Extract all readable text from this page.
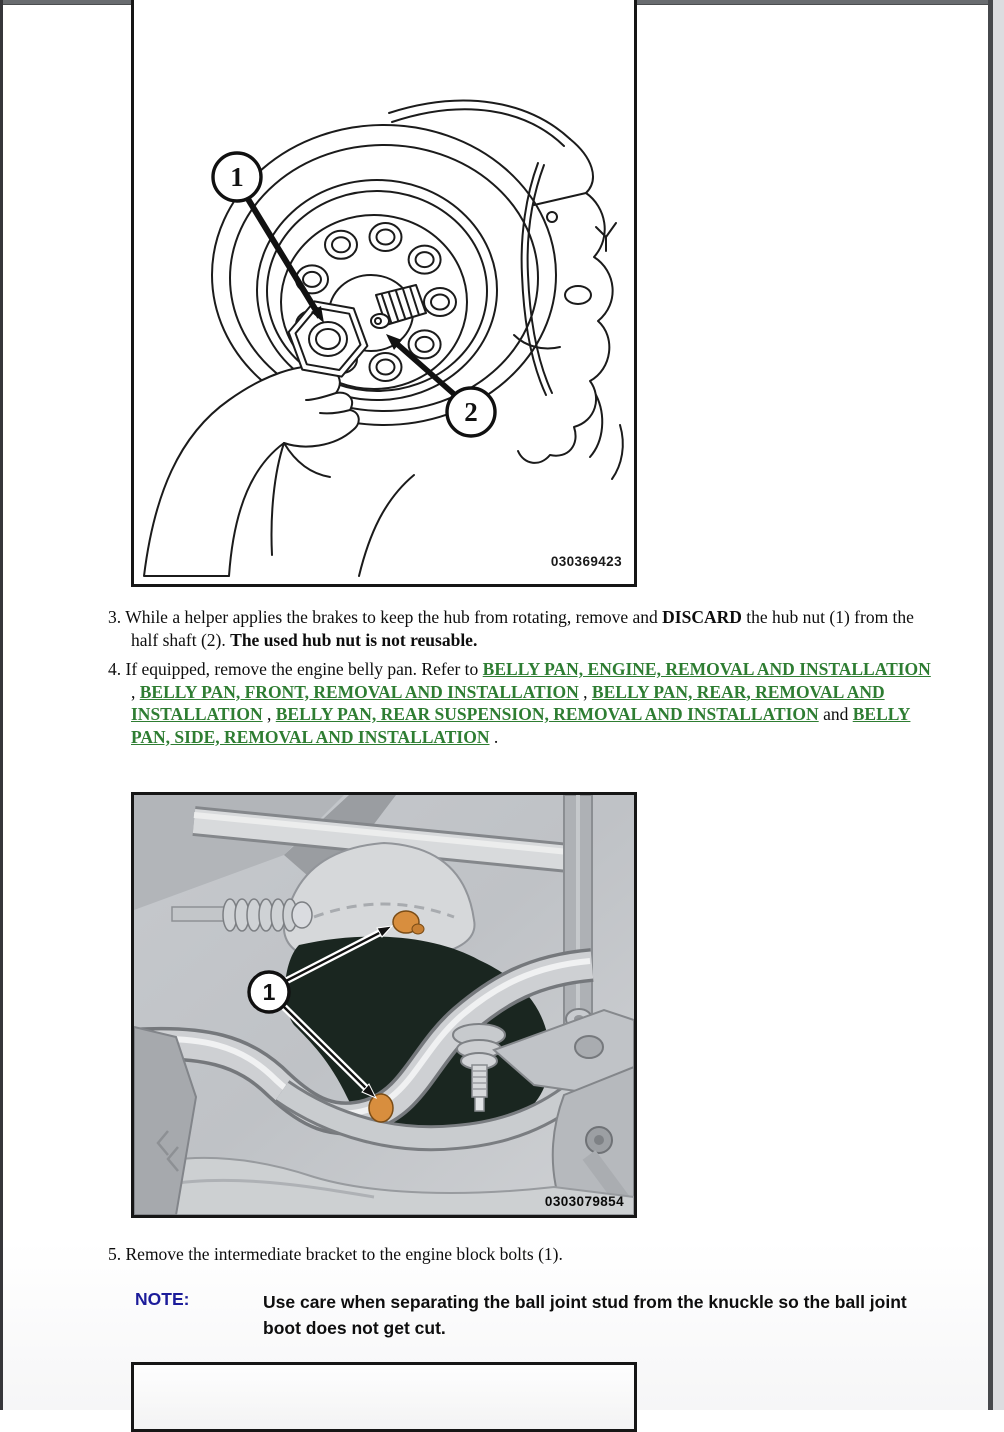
1
2
030369423

3. While a helper applies the brakes to keep the hub from rotating, remove and DISCARD the hub nut (1) from the half shaft (2). The used hub nut is not reusable.

4. If equipped, remove the engine belly pan. Refer to BELLY PAN, ENGINE, REMOVAL AND INSTALLATION , BELLY PAN, FRONT, REMOVAL AND INSTALLATION , BELLY PAN, REAR, REMOVAL AND INSTALLATION , BELLY PAN, REAR SUSPENSION, REMOVAL AND INSTALLATION and BELLY PAN, SIDE, REMOVAL AND INSTALLATION .

1
0303079854

5. Remove the intermediate bracket to the engine block bolts (1).

NOTE:	Use care when separating the ball joint stud from the knuckle so the ball joint boot does not get cut.
